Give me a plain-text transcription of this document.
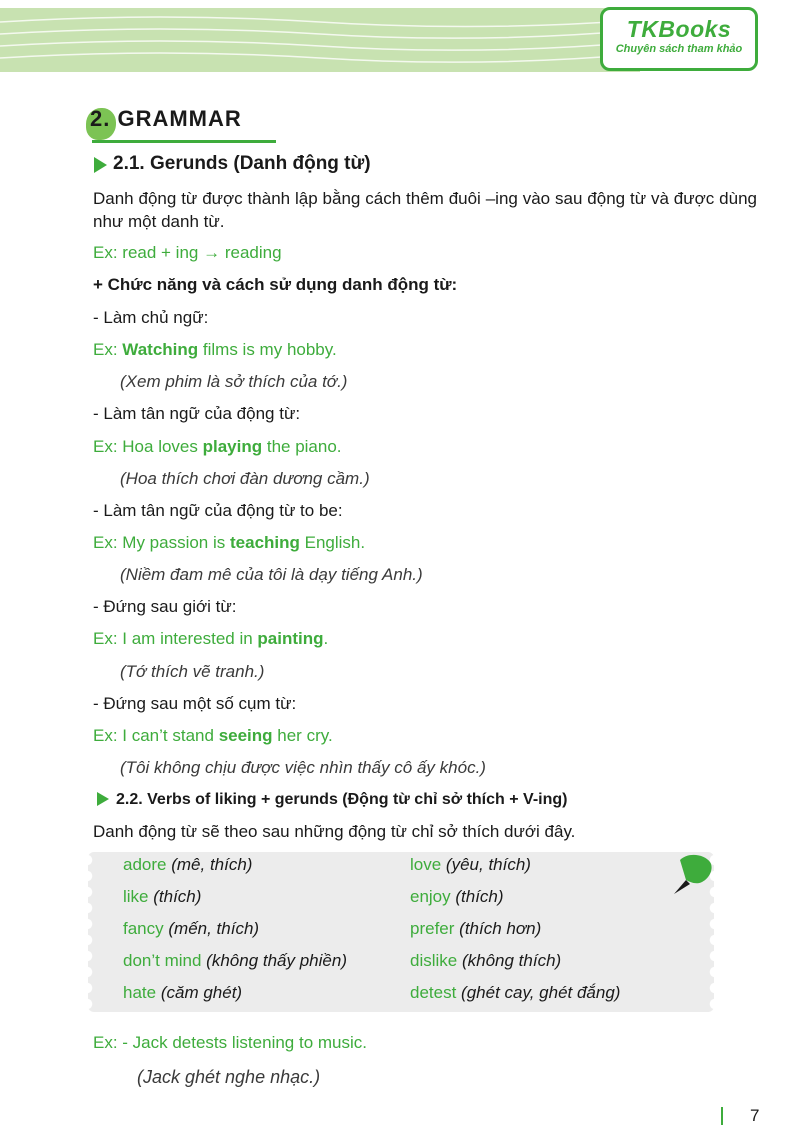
TKBooks
Chuyên sách tham khảo
2. GRAMMAR
2.1. Gerunds (Danh động từ)
Danh động từ được thành lập bằng cách thêm đuôi –ing vào sau động từ và được dùng như một danh từ.
Ex: read + ing → reading
+ Chức năng và cách sử dụng danh động từ:
- Làm chủ ngữ:
Ex: Watching films is my hobby.
(Xem phim là sở thích của tớ.)
- Làm tân ngữ của động từ:
Ex: Hoa loves playing the piano.
(Hoa thích chơi đàn dương cầm.)
- Làm tân ngữ của động từ to be:
Ex: My passion is teaching English.
(Niềm đam mê của tôi là dạy tiếng Anh.)
- Đứng sau giới từ:
Ex: I am interested in painting.
(Tớ thích vẽ tranh.)
- Đứng sau một số cụm từ:
Ex: I can’t stand seeing her cry.
(Tôi không chịu được việc nhìn thấy cô ấy khóc.)
2.2. Verbs of liking + gerunds (Động từ chỉ sở thích + V-ing)
Danh động từ sẽ theo sau những động từ chỉ sở thích dưới đây.
adore (mê, thích)
like (thích)
fancy (mến, thích)
don’t mind (không thấy phiền)
hate (căm ghét)
love (yêu, thích)
enjoy (thích)
prefer (thích hơn)
dislike (không thích)
detest (ghét cay, ghét đắng)
Ex: - Jack detests listening to music.
(Jack ghét nghe nhạc.)
7
